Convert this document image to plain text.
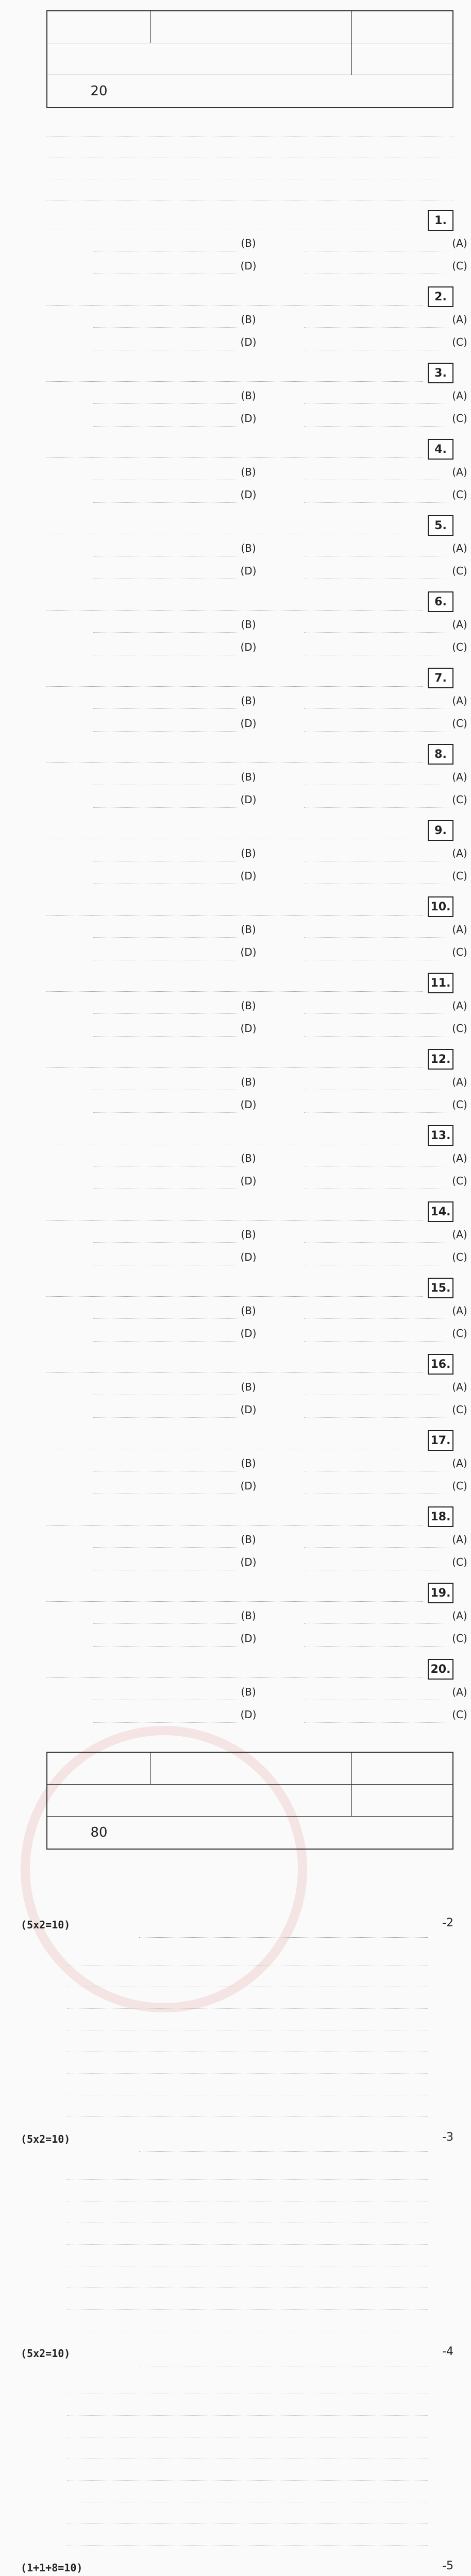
20
1.
(A)
(B)
(C)
(D)
2.
(A)
(B)
(C)
(D)
3.
(A)
(B)
(C)
(D)
4.
(A)
(B)
(C)
(D)
5.
(A)
(B)
(C)
(D)
6.
(A)
(B)
(C)
(D)
7.
(A)
(B)
(C)
(D)
8.
(A)
(B)
(C)
(D)
9.
(A)
(B)
(C)
(D)
10.
(A)
(B)
(C)
(D)
11.
(A)
(B)
(C)
(D)
12.
(A)
(B)
(C)
(D)
13.
(A)
(B)
(C)
(D)
14.
(A)
(B)
(C)
(D)
15.
(A)
(B)
(C)
(D)
16.
(A)
(B)
(C)
(D)
17.
(A)
(B)
(C)
(D)
18.
(A)
(B)
(C)
(D)
19.
(A)
(B)
(C)
(D)
20.
(A)
(B)
(C)
(D)
80
-2
(5x2=10)
-3
(5x2=10)
-4
(5x2=10)
-5
(1+1+8=10)
